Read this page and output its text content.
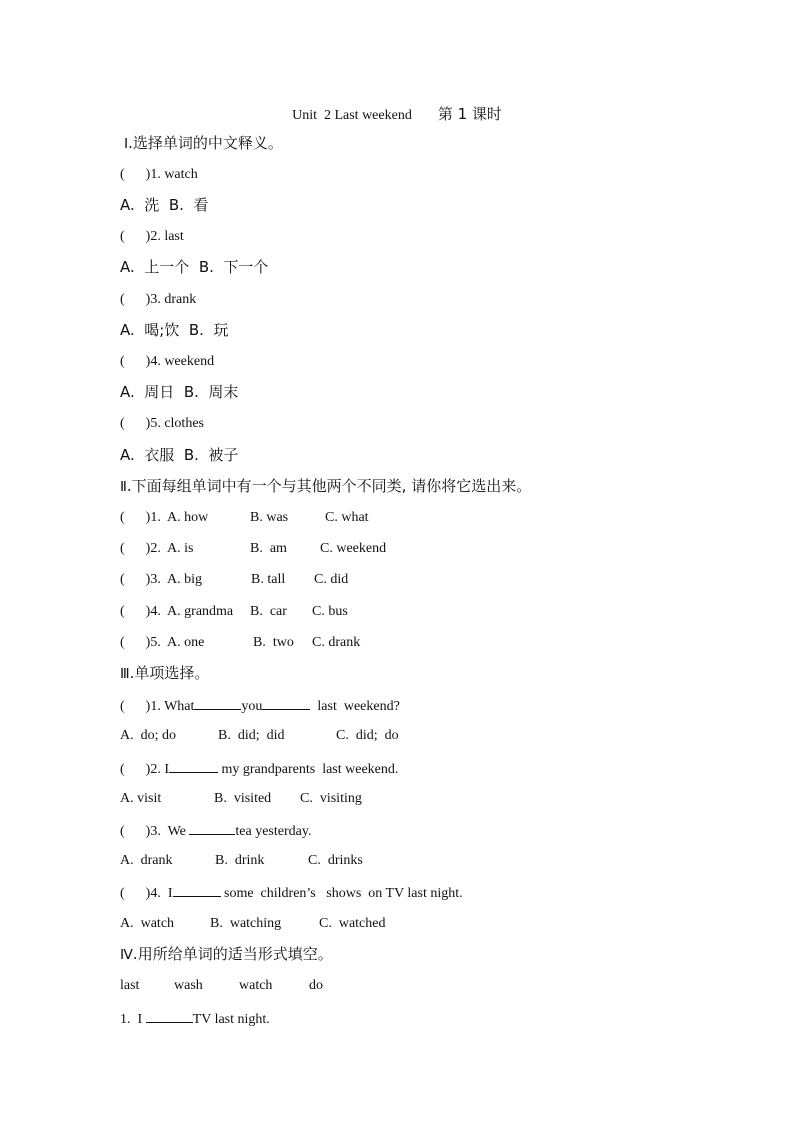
Unit  2 Last weekend 第 1 课时
Ⅰ.选择单词的中文释义。
(      )1. watch
A.  洗  B.  看
(      )2. last
A.  上一个  B.  下一个
(      )3. drank
A.  喝;饮  B.  玩
(      )4. weekend
A.  周日  B.  周末
(      )5. clothes
A.  衣服  B.  被子
Ⅱ.下面每组单词中有一个与其他两个不同类, 请你将它选出来。
(      )1.  A. how	B. was	C. what
(      )2.  A. is	B.  am C. weekend
(      )3.  A. big	B. tall C. did
(      )4.  A. grandma B.  car C. bus
(      )5.  A. one	B.  two C. drank
Ⅲ.单项选择。
(      )1. What	you	last  weekend?
A.  do; do	B.  did;  did	C.  did;  do
(      )2. I	my grandparents  last weekend.
A. visit	B.  visited C.  visiting
(      )3.  We	tea yesterday.
A.  drank	B.  drink	C.  drinks
(      )4.  I	some  children’s   shows  on TV last night.
A.  watch	B.  watching	C.  watched
Ⅳ.用所给单词的适当形式填空。
last wash	watch	do
1.  I	TV last night.
